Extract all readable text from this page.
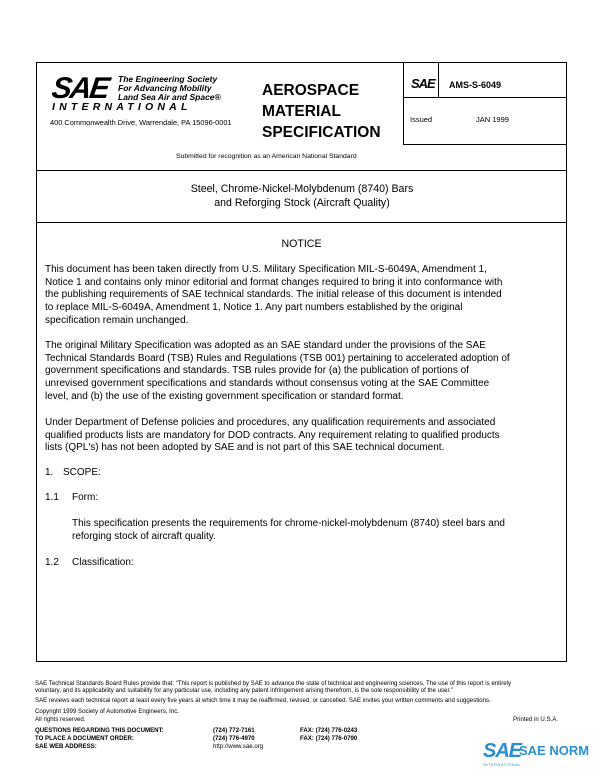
SAE The Engineering Society
For Advancing Mobility
Land Sea Air and Space®
INTERNATIONAL
400 Commonwealth Drive, Warrendale, PA 15096-0001
AEROSPACE
MATERIAL
SPECIFICATION
SAE AMS-S-6049
Issued	JAN 1999
Submitted for recognition as an American National Standard
Steel, Chrome-Nickel-Molybdenum (8740) Bars
and Reforging Stock (Aircraft Quality)
NOTICE
This document has been taken directly from U.S. Military Specification MIL-S-6049A, Amendment 1,
Notice 1 and contains only minor editorial and format changes required to bring it into conformance with
the publishing requirements of SAE technical standards. The initial release of this document is intended
to replace MIL-S-6049A, Amendment 1, Notice 1. Any part numbers established by the original
specification remain unchanged.
The original Military Specification was adopted as an SAE standard under the provisions of the SAE
Technical Standards Board (TSB) Rules and Regulations (TSB 001) pertaining to accelerated adoption of
government specifications and standards. TSB rules provide for (a) the publication of portions of
unrevised government specifications and standards without consensus voting at the SAE Committee
level, and (b) the use of the existing government specification or standard format.
Under Department of Defense policies and procedures, any qualification requirements and associated
qualified products lists are mandatory for DOD contracts. Any requirement relating to qualified products
lists (QPL's) has not been adopted by SAE and is not part of this SAE technical document.
1. SCOPE:
1.1 Form:
This specification presents the requirements for chrome-nickel-molybdenum (8740) steel bars and
reforging stock of aircraft quality.
1.2 Classification:
SAE Technical Standards Board Rules provide that: “This report is published by SAE to advance the state of technical and engineering sciences. The use of this report is entirely
voluntary, and its applicability and suitability for any particular use, including any patent infringement arising therefrom, is the sole responsibility of the user.”
SAE reviews each technical report at least every five years at which time it may be reaffirmed, revised, or cancelled. SAE invites your written comments and suggestions.
Copyright 1999 Society of Automotive Engineers, Inc.
All rights reserved.	Printed in U.S.A.
QUESTIONS REGARDING THIS DOCUMENT:	(724) 772-7161	FAX: (724) 776-0243
TO PLACE A DOCUMENT ORDER:	(724) 776-4970	FAX: (724) 776-0790
SAE WEB ADDRESS:	http://www.sae.org	SAE
SAE NORM
INTERNATIONAL
